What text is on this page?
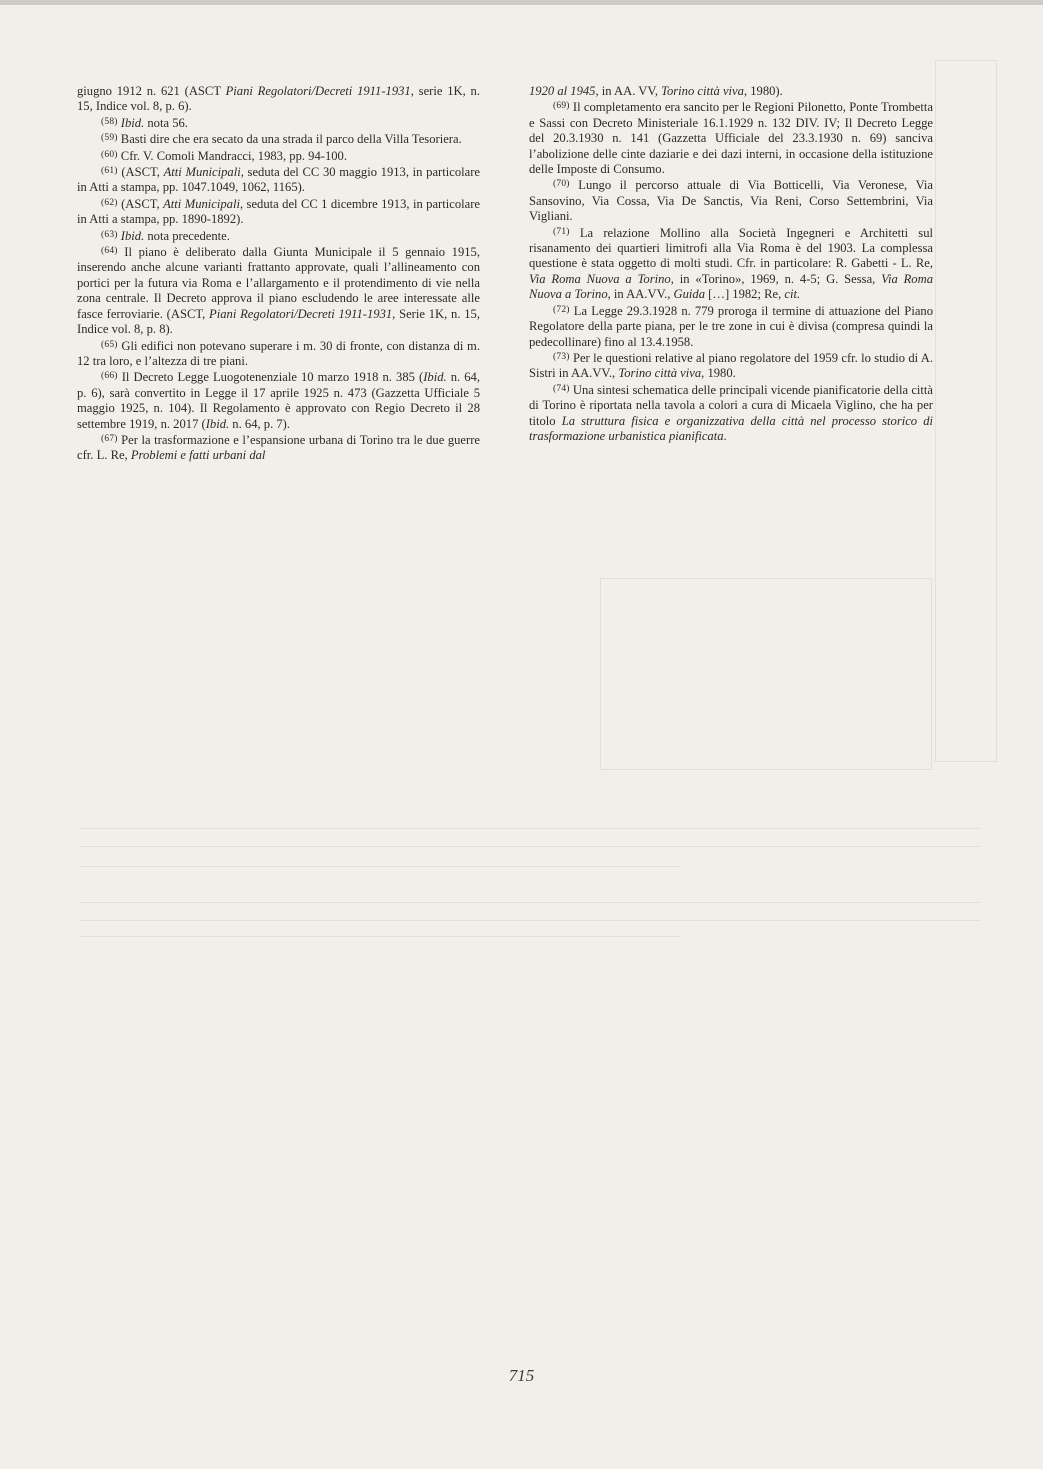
giugno 1912 n. 621 (ASCT Piani Regolatori/Decreti 1911-1931, serie 1K, n. 15, Indice vol. 8, p. 6).

$^{(58)}$ Ibid. nota 56.

$^{(59)}$ Basti dire che era secato da una strada il parco della Villa Tesoriera.

$^{(60)}$ Cfr. V. Comoli Mandracci, 1983, pp. 94-100.

$^{(61)}$ (ASCT, Atti Municipali, seduta del CC 30 maggio 1913, in particolare in Atti a stampa, pp. 1047.1049, 1062, 1165).

$^{(62)}$ (ASCT, Atti Municipali, seduta del CC 1 dicembre 1913, in particolare in Atti a stampa, pp. 1890-1892).

$^{(63)}$ Ibid. nota precedente.

$^{(64)}$ Il piano è deliberato dalla Giunta Municipale il 5 gennaio 1915, inserendo anche alcune varianti frattanto approvate, quali l’allineamento con portici per la futura via Roma e l’allargamento e il protendimento di vie nella zona centrale. Il Decreto approva il piano escludendo le aree interessate alle fasce ferroviarie. (ASCT, Piani Regolatori/Decreti 1911-1931, Serie 1K, n. 15, Indice vol. 8, p. 8).

$^{(65)}$ Gli edifici non potevano superare i m. 30 di fronte, con distanza di m. 12 tra loro, e l’altezza di tre piani.

$^{(66)}$ Il Decreto Legge Luogotenenziale 10 marzo 1918 n. 385 (Ibid. n. 64, p. 6), sarà convertito in Legge il 17 aprile 1925 n. 473 (Gazzetta Ufficiale 5 maggio 1925, n. 104). Il Regolamento è approvato con Regio Decreto il 28 settembre 1919, n. 2017 (Ibid. n. 64, p. 7).

$^{(67)}$ Per la trasformazione e l’espansione urbana di Torino tra le due guerre cfr. L. Re, Problemi e fatti urbani dal

1920 al 1945, in AA. VV, Torino città viva, 1980).

$^{(69)}$ Il completamento era sancito per le Regioni Pilonetto, Ponte Trombetta e Sassi con Decreto Ministeriale 16.1.1929 n. 132 DIV. IV; Il Decreto Legge del 20.3.1930 n. 141 (Gazzetta Ufficiale del 23.3.1930 n. 69) sanciva l’abolizione delle cinte daziarie e dei dazi interni, in occasione della istituzione delle Imposte di Consumo.

$^{(70)}$ Lungo il percorso attuale di Via Botticelli, Via Veronese, Via Sansovino, Via Cossa, Via De Sanctis, Via Reni, Corso Settembrini, Via Vigliani.

$^{(71)}$ La relazione Mollino alla Società Ingegneri e Architetti sul risanamento dei quartieri limitrofi alla Via Roma è del 1903. La complessa questione è stata oggetto di molti studi. Cfr. in particolare: R. Gabetti - L. Re, Via Roma Nuova a Torino, in «Torino», 1969, n. 4-5; G. Sessa, Via Roma Nuova a Torino, in AA.VV., Guida […] 1982; Re, cit.

$^{(72)}$ La Legge 29.3.1928 n. 779 proroga il termine di attuazione del Piano Regolatore della parte piana, per le tre zone in cui è divisa (compresa quindi la pedecollinare) fino al 13.4.1958.

$^{(73)}$ Per le questioni relative al piano regolatore del 1959 cfr. lo studio di A. Sistri in AA.VV., Torino città viva, 1980.

$^{(74)}$ Una sintesi schematica delle principali vicende pianificatorie della città di Torino è riportata nella tavola a colori a cura di Micaela Viglino, che ha per titolo La struttura fisica e organizzativa della città nel processo storico di trasformazione urbanistica pianificata.

715
